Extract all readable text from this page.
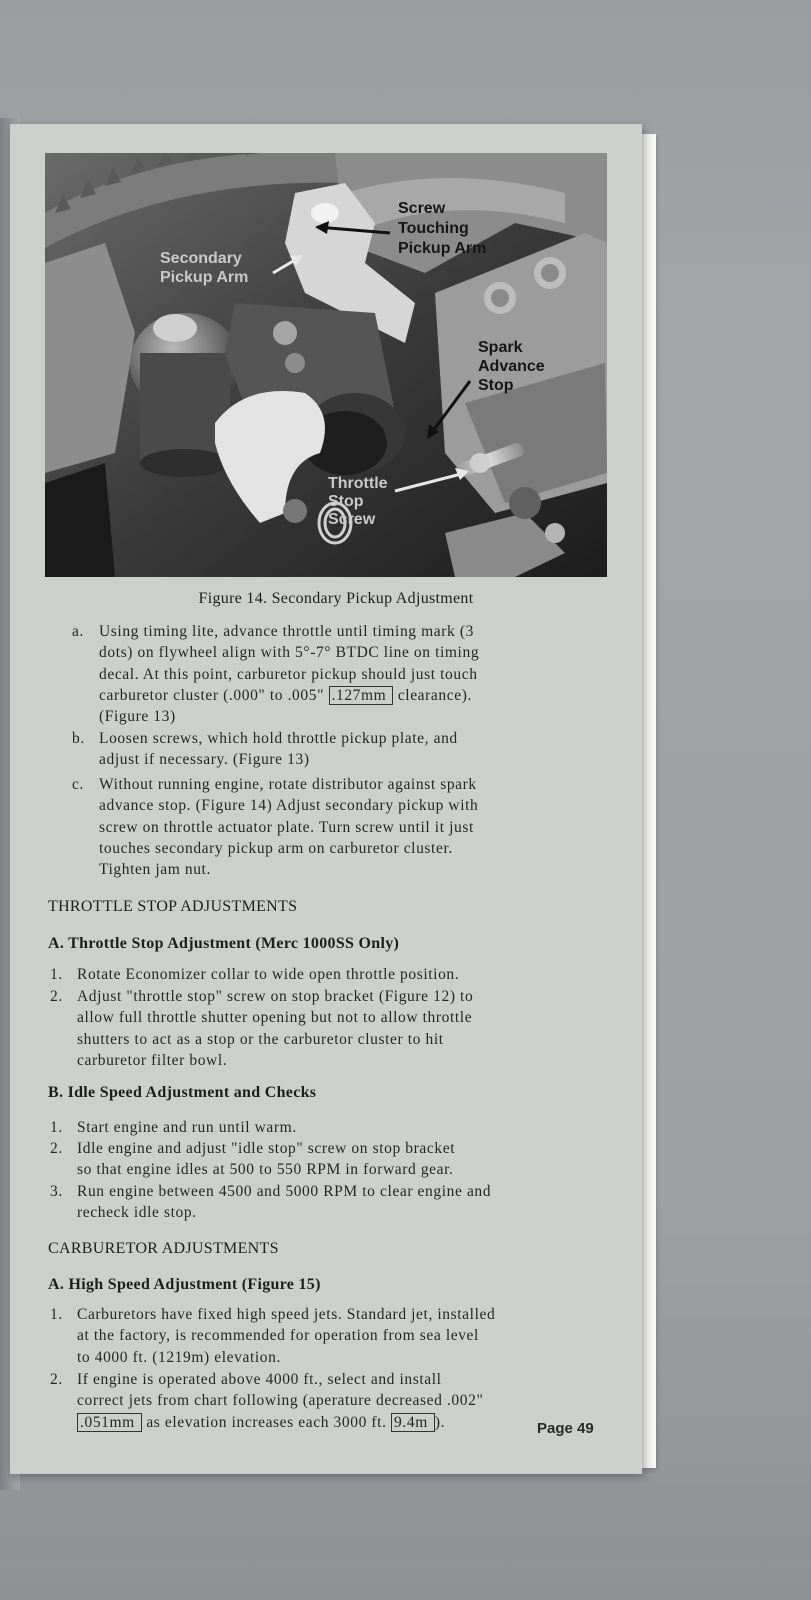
Screw
Touching
Pickup Arm
Secondary
Pickup Arm
Spark
Advance
Stop
Throttle
Stop
Screw
Figure 14. Secondary Pickup Adjustment
a. Using timing lite, advance throttle until timing mark (3
dots) on flywheel align with 5°-7° BTDC line on timing
decal. At this point, carburetor pickup should just touch
carburetor cluster (.000" to .005" .127mm clearance).
(Figure 13)
b. Loosen screws, which hold throttle pickup plate, and
adjust if necessary. (Figure 13)
c. Without running engine, rotate distributor against spark
advance stop. (Figure 14) Adjust secondary pickup with
screw on throttle actuator plate. Turn screw until it just
touches secondary pickup arm on carburetor cluster.
Tighten jam nut.
THROTTLE STOP ADJUSTMENTS
A. Throttle Stop Adjustment (Merc 1000SS Only)
1. Rotate Economizer collar to wide open throttle position.
2. Adjust "throttle stop" screw on stop bracket (Figure 12) to
allow full throttle shutter opening but not to allow throttle
shutters to act as a stop or the carburetor cluster to hit
carburetor filter bowl.
B. Idle Speed Adjustment and Checks
1. Start engine and run until warm.
2. Idle engine and adjust "idle stop" screw on stop bracket
so that engine idles at 500 to 550 RPM in forward gear.
3. Run engine between 4500 and 5000 RPM to clear engine and
recheck idle stop.
CARBURETOR ADJUSTMENTS
A. High Speed Adjustment (Figure 15)
1. Carburetors have fixed high speed jets. Standard jet, installed
at the factory, is recommended for operation from sea level
to 4000 ft. (1219m) elevation.
2. If engine is operated above 4000 ft., select and install
correct jets from chart following (aperature decreased .002"
.051mm as elevation increases each 3000 ft. 9.4m ).	Page 49
